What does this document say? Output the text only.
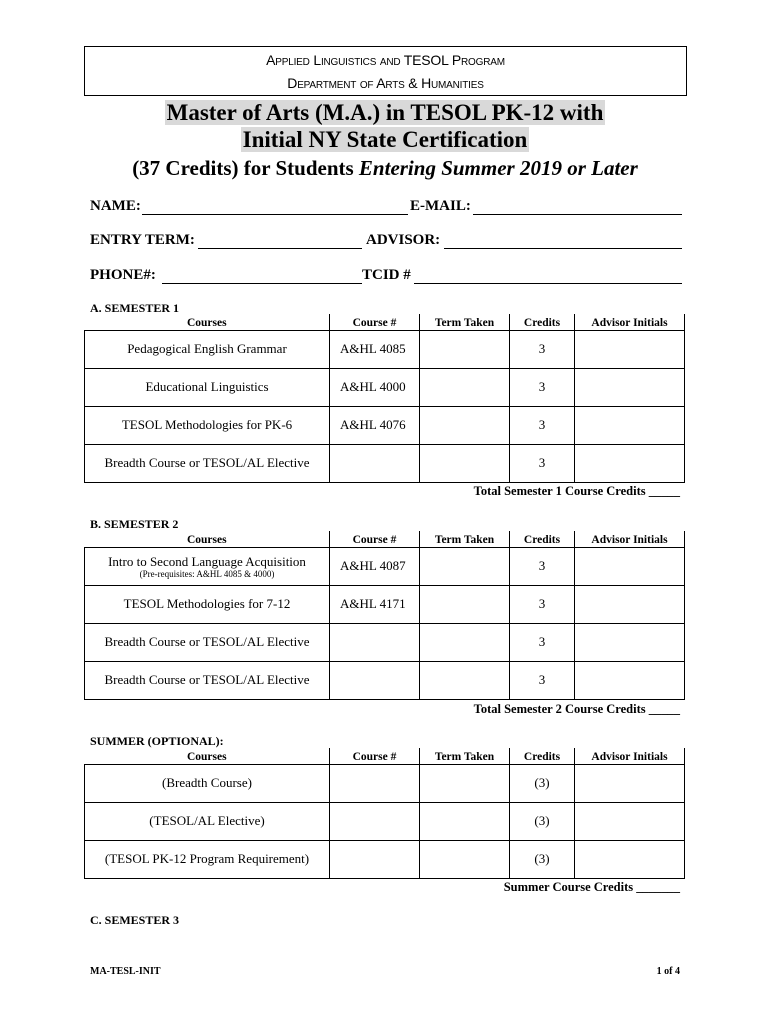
Applied Linguistics and TESOL Program
Department of Arts & Humanities
Master of Arts (M.A.) in TESOL PK-12 with
Initial NY State Certification
(37 Credits) for Students Entering Summer 2019 or Later
NAME:	E-MAIL:
ENTRY TERM:	ADVISOR:
PHONE#:	TCID #
A. SEMESTER 1
Courses	Course #	Term Taken	Credits	Advisor Initials
Pedagogical English Grammar	A&HL 4085		3	
Educational Linguistics	A&HL 4000		3	
TESOL Methodologies for PK-6	A&HL 4076		3	
Breadth Course or TESOL/AL Elective			3	
Total Semester 1 Course Credits _____
B. SEMESTER 2
Courses	Course #	Term Taken	Credits	Advisor Initials

Intro to Second Language Acquisition
(Pre-requisites: A&HL 4085 & 4000)	A&HL 4087		3	
TESOL Methodologies for 7-12	A&HL 4171		3	
Breadth Course or TESOL/AL Elective			3	
Breadth Course or TESOL/AL Elective			3	
Total Semester 2 Course Credits _____
SUMMER (OPTIONAL):
Courses	Course #	Term Taken	Credits	Advisor Initials
(Breadth Course)			(3)	
(TESOL/AL Elective)			(3)	
(TESOL PK-12 Program Requirement)			(3)	
Summer Course Credits _______
C. SEMESTER 3
MA-TESL-INIT	1 of 4
